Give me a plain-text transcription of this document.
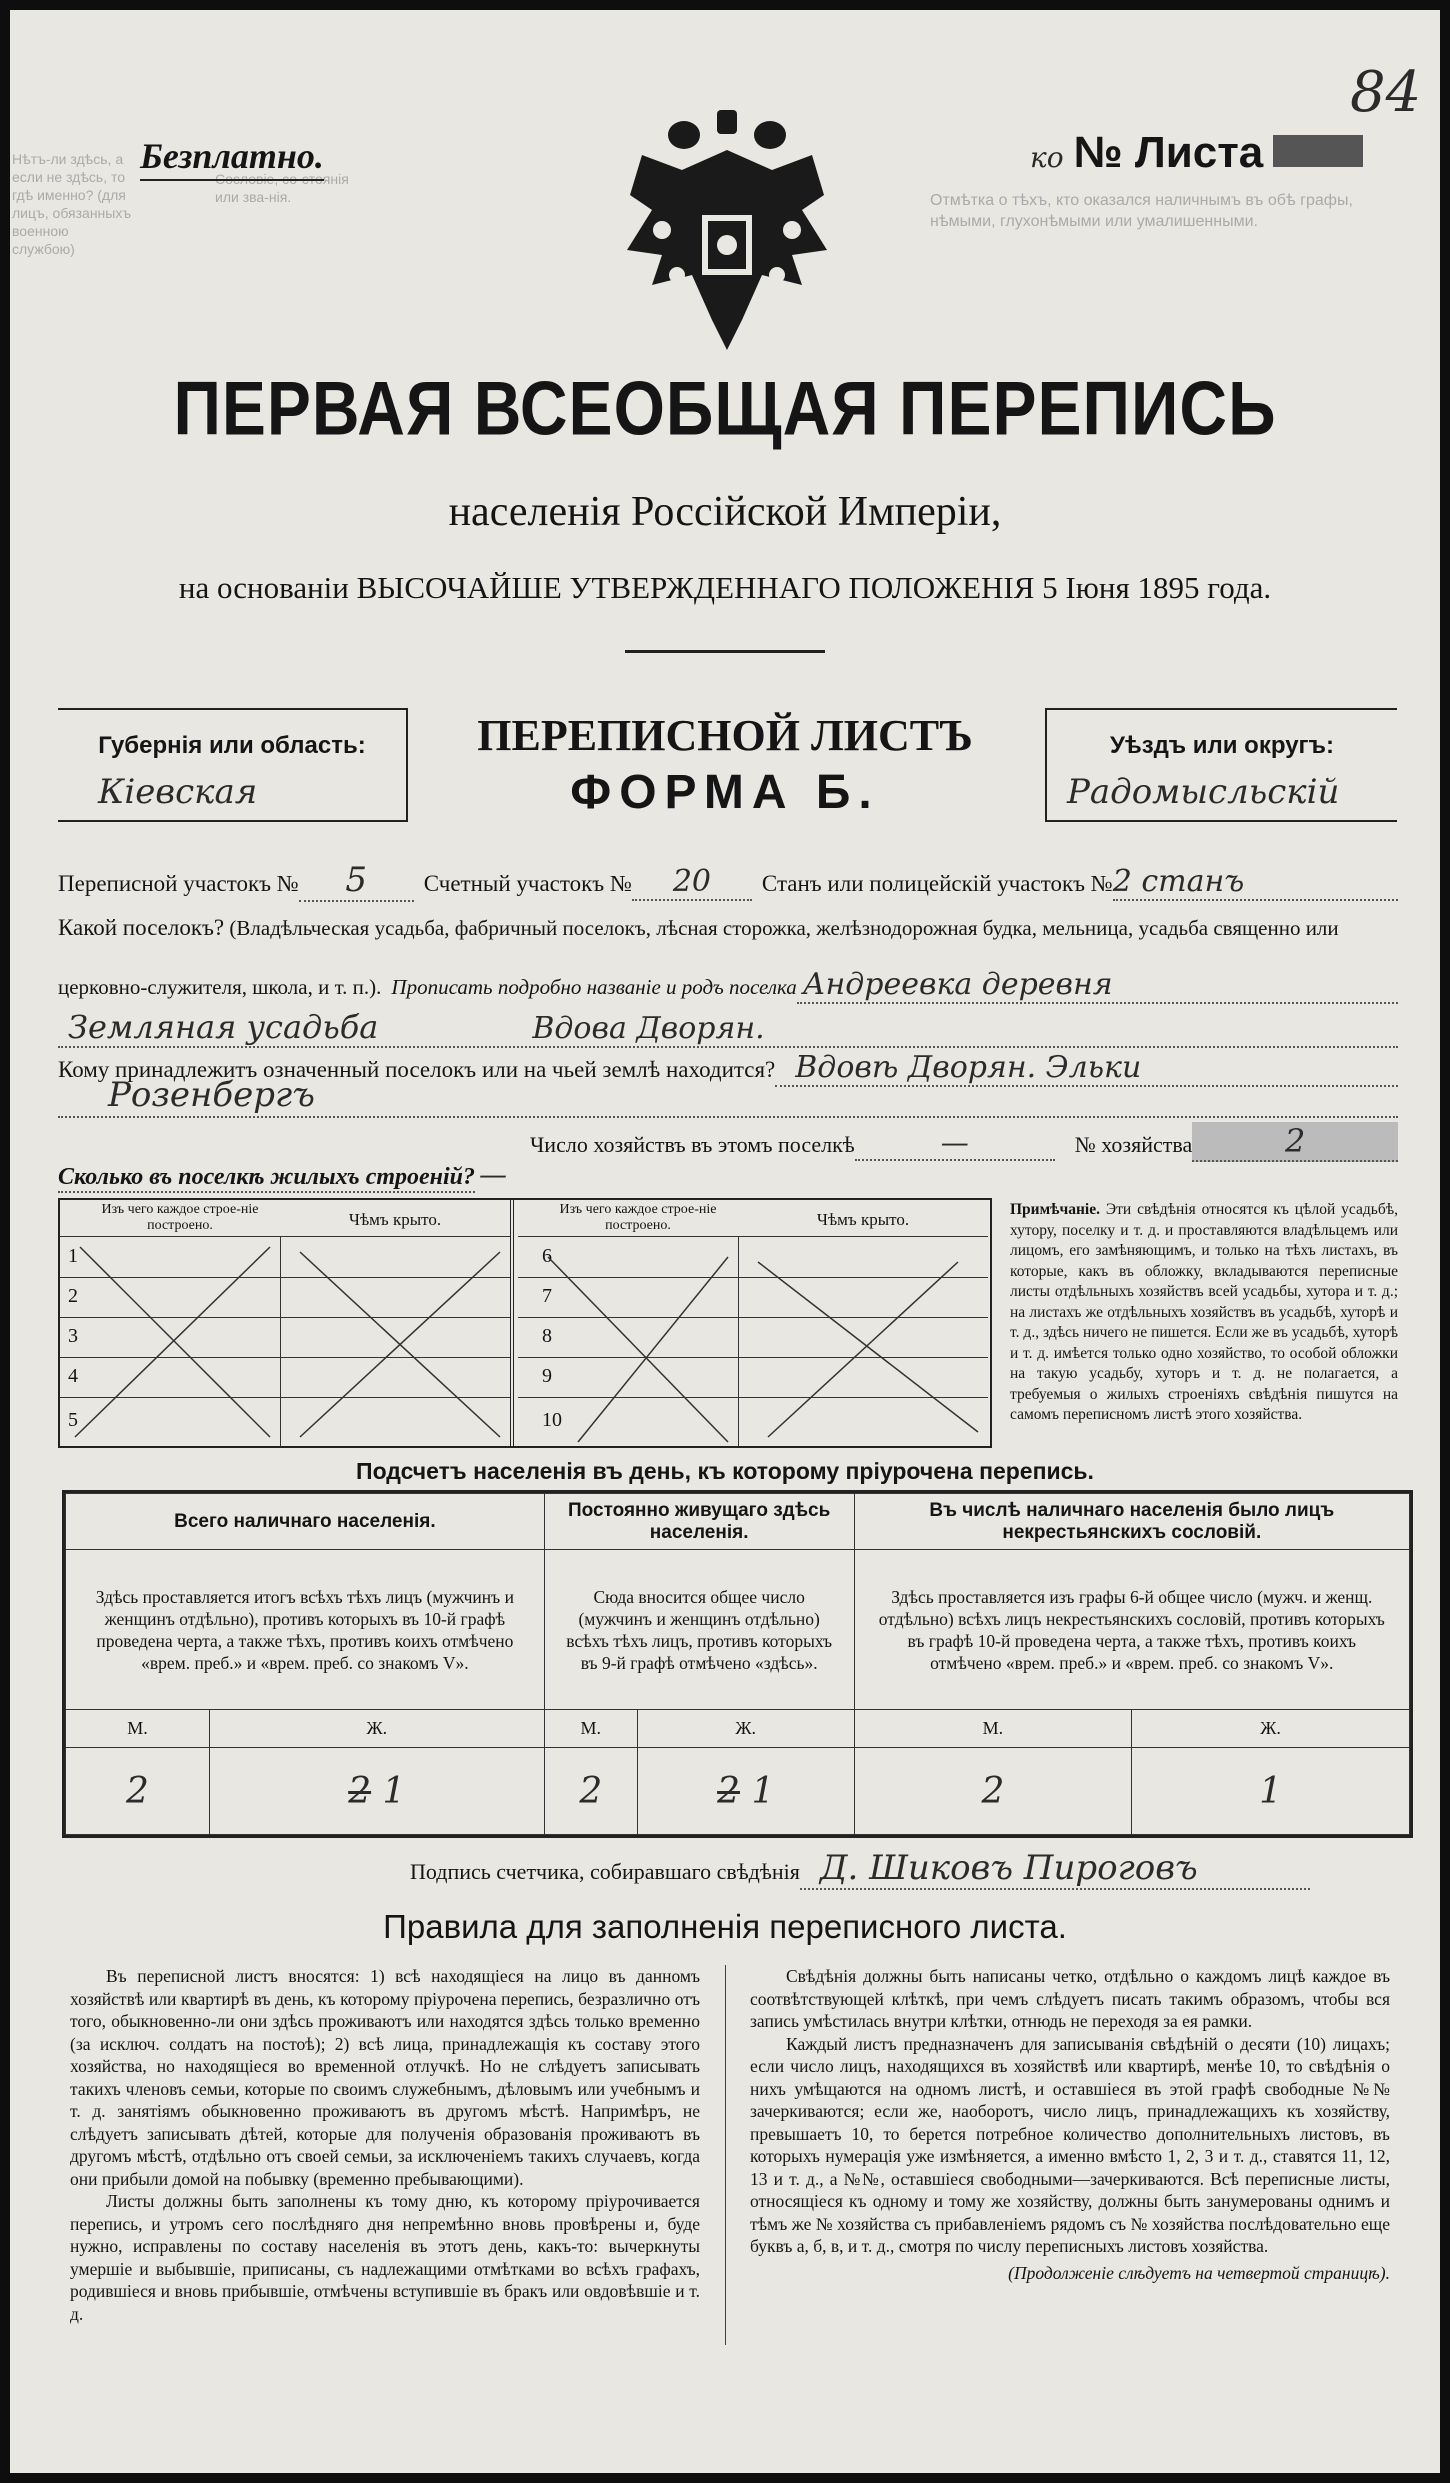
Нѣтъ-ли здѣсь, а если не здѣсь, то гдѣ именно? (для лицъ, обязанныхъ военною службою)
Сословіе, со-стоянія или зва-нія.	Отмѣтка о тѣхъ, кто оказался наличнымъ въ обѣ графы, нѣмыми, глухонѣмыми или умалишенными.
Безплатно.	ко № Листа
84
ПЕРВАЯ ВСЕОБЩАЯ ПЕРЕПИСЬ
населенія Россійской Имперіи,
на основаніи ВЫСОЧАЙШЕ УТВЕРЖДЕННАГО ПОЛОЖЕНІЯ 5 Іюня 1895 года.
Губернія или область:
Кіевская
ПЕРЕПИСНОЙ ЛИСТЪ
ФОРМА Б.
Уѣздъ или округъ:
Радомысльскій
Переписной участокъ №	5	Счетный участокъ №	20	Станъ или полицейскій участокъ № 2 станъ
Какой поселокъ? (Владѣльческая усадьба, фабричный поселокъ, лѣсная сторожка, желѣзнодорожная будка, мельница, усадьба священно или
церковно-служителя, школа, и т. п.). Прописать подробно названіе и родъ поселка Андреевка деревня
Земляная усадьба	Вдова Дворян.
Кому принадлежитъ означенный поселокъ или на чьей землѣ находится? Вдовѣ Дворян. Эльки
Розенбергъ
Число хозяйствъ въ этомъ поселкѣ	—	№ хозяйства	2
Сколько въ поселкѣ жилыхъ строеній? —
Изъ чего каждое строе-ніе построено.	Чѣмъ крыто.
1
2
3
4
5
Изъ чего каждое строе-ніе построено.	Чѣмъ крыто.
6
7
8
9
10
Примѣчаніе. Эти свѣдѣнія относятся къ цѣлой усадьбѣ, хутору, поселку и т. д. и проставляются владѣльцемъ или лицомъ, его замѣняющимъ, и только на тѣхъ листахъ, въ которые, какъ въ обложку, вкладываются переписные листы отдѣльныхъ хозяйствъ всей усадьбы, хутора и т. д.; на листахъ же отдѣльныхъ хозяйствъ въ усадьбѣ, хуторѣ и т. д., здѣсь ничего не пишется. Если же въ усадьбѣ, хуторѣ и т. д. имѣется только одно хозяйство, то особой обложки на такую усадьбу, хуторъ и т. д. не полагается, а требуемыя о жилыхъ строеніяхъ свѣдѣнія пишутся на самомъ переписномъ листѣ этого хозяйства.
Подсчетъ населенія въ день, къ которому пріурочена перепись.
Всего наличнаго населенія.		Постоянно живущаго здѣсь населенія.		Въ числѣ наличнаго населенія было лицъ некрестьянскихъ сословій.	
Здѣсь проставляется итогъ всѣхъ тѣхъ лицъ (мужчинъ и женщинъ отдѣльно), противъ которыхъ въ 10-й графѣ проведена черта, а также тѣхъ, противъ коихъ отмѣчено «врем. преб.» и «врем. преб. со знакомъ V».		Сюда вносится общее число (мужчинъ и женщинъ отдѣльно) всѣхъ тѣхъ лицъ, противъ которыхъ въ 9-й графѣ отмѣчено «здѣсь».		Здѣсь проставляется изъ графы 6-й общее число (мужч. и женщ. отдѣльно) всѣхъ лицъ некрестьянскихъ сословій, противъ которыхъ въ графѣ 10-й проведена черта, а также тѣхъ, противъ коихъ отмѣчено «врем. преб.» и «врем. преб. со знакомъ V».	
М.	Ж.	М.	Ж.	М.	Ж.
2	2 1	2	2 1	2	1
Подпись счетчика, собиравшаго свѣдѣнія Д. Шиковъ Пироговъ
Правила для заполненія переписного листа.

Въ переписной листъ вносятся: 1) всѣ находящіеся на лицо въ данномъ хозяйствѣ или квартирѣ въ день, къ которому пріурочена перепись, безразлично отъ того, обыкновенно-ли они здѣсь проживаютъ или находятся здѣсь только временно (за исключ. солдатъ на постоѣ); 2) всѣ лица, принадлежащія къ составу этого хозяйства, но находящіеся во временной отлучкѣ. Но не слѣдуетъ записывать такихъ членовъ семьи, которые по своимъ служебнымъ, дѣловымъ или учебнымъ и т. д. занятіямъ обыкновенно проживаютъ въ другомъ мѣстѣ. Напримѣръ, не слѣдуетъ записывать дѣтей, которые для полученія образованія проживаютъ въ другомъ мѣстѣ, отдѣльно отъ своей семьи, за исключеніемъ такихъ случаевъ, когда они прибыли домой на побывку (временно пребывающими).

Листы должны быть заполнены къ тому дню, къ которому пріурочивается перепись, и утромъ сего послѣдняго дня непремѣнно вновь провѣрены и, буде нужно, исправлены по составу населенія въ этотъ день, какъ-то: вычеркнуты умершіе и выбывшіе, приписаны, съ надлежащими отмѣтками во всѣхъ графахъ, родившіеся и вновь прибывшіе, отмѣчены вступившіе въ бракъ или овдовѣвшіе и т. д.

Свѣдѣнія должны быть написаны четко, отдѣльно о каждомъ лицѣ каждое въ соотвѣтствующей клѣткѣ, при чемъ слѣдуетъ писать такимъ образомъ, чтобы вся запись умѣстилась внутри клѣтки, отнюдь не переходя за ея рамки.

Каждый листъ предназначенъ для записыванія свѣдѣній о десяти (10) лицахъ; если число лицъ, находящихся въ хозяйствѣ или квартирѣ, менѣе 10, то свѣдѣнія о нихъ умѣщаются на одномъ листѣ, и оставшіеся въ этой графѣ свободные №№ зачеркиваются; если же, наоборотъ, число лицъ, принадлежащихъ къ хозяйству, превышаетъ 10, то берется потребное количество дополнительныхъ листовъ, въ которыхъ нумерація уже измѣняется, а именно вмѣсто 1, 2, 3 и т. д., ставятся 11, 12, 13 и т. д., а №№, оставшіеся свободными—зачеркиваются. Всѣ переписные листы, относящіеся къ одному и тому же хозяйству, должны быть занумерованы однимъ и тѣмъ же № хозяйства съ прибавленіемъ рядомъ съ № хозяйства послѣдовательно еще буквъ а, б, в, и т. д., смотря по числу переписныхъ листовъ хозяйства.

(Продолженіе слѣдуетъ на четвертой страницѣ).
